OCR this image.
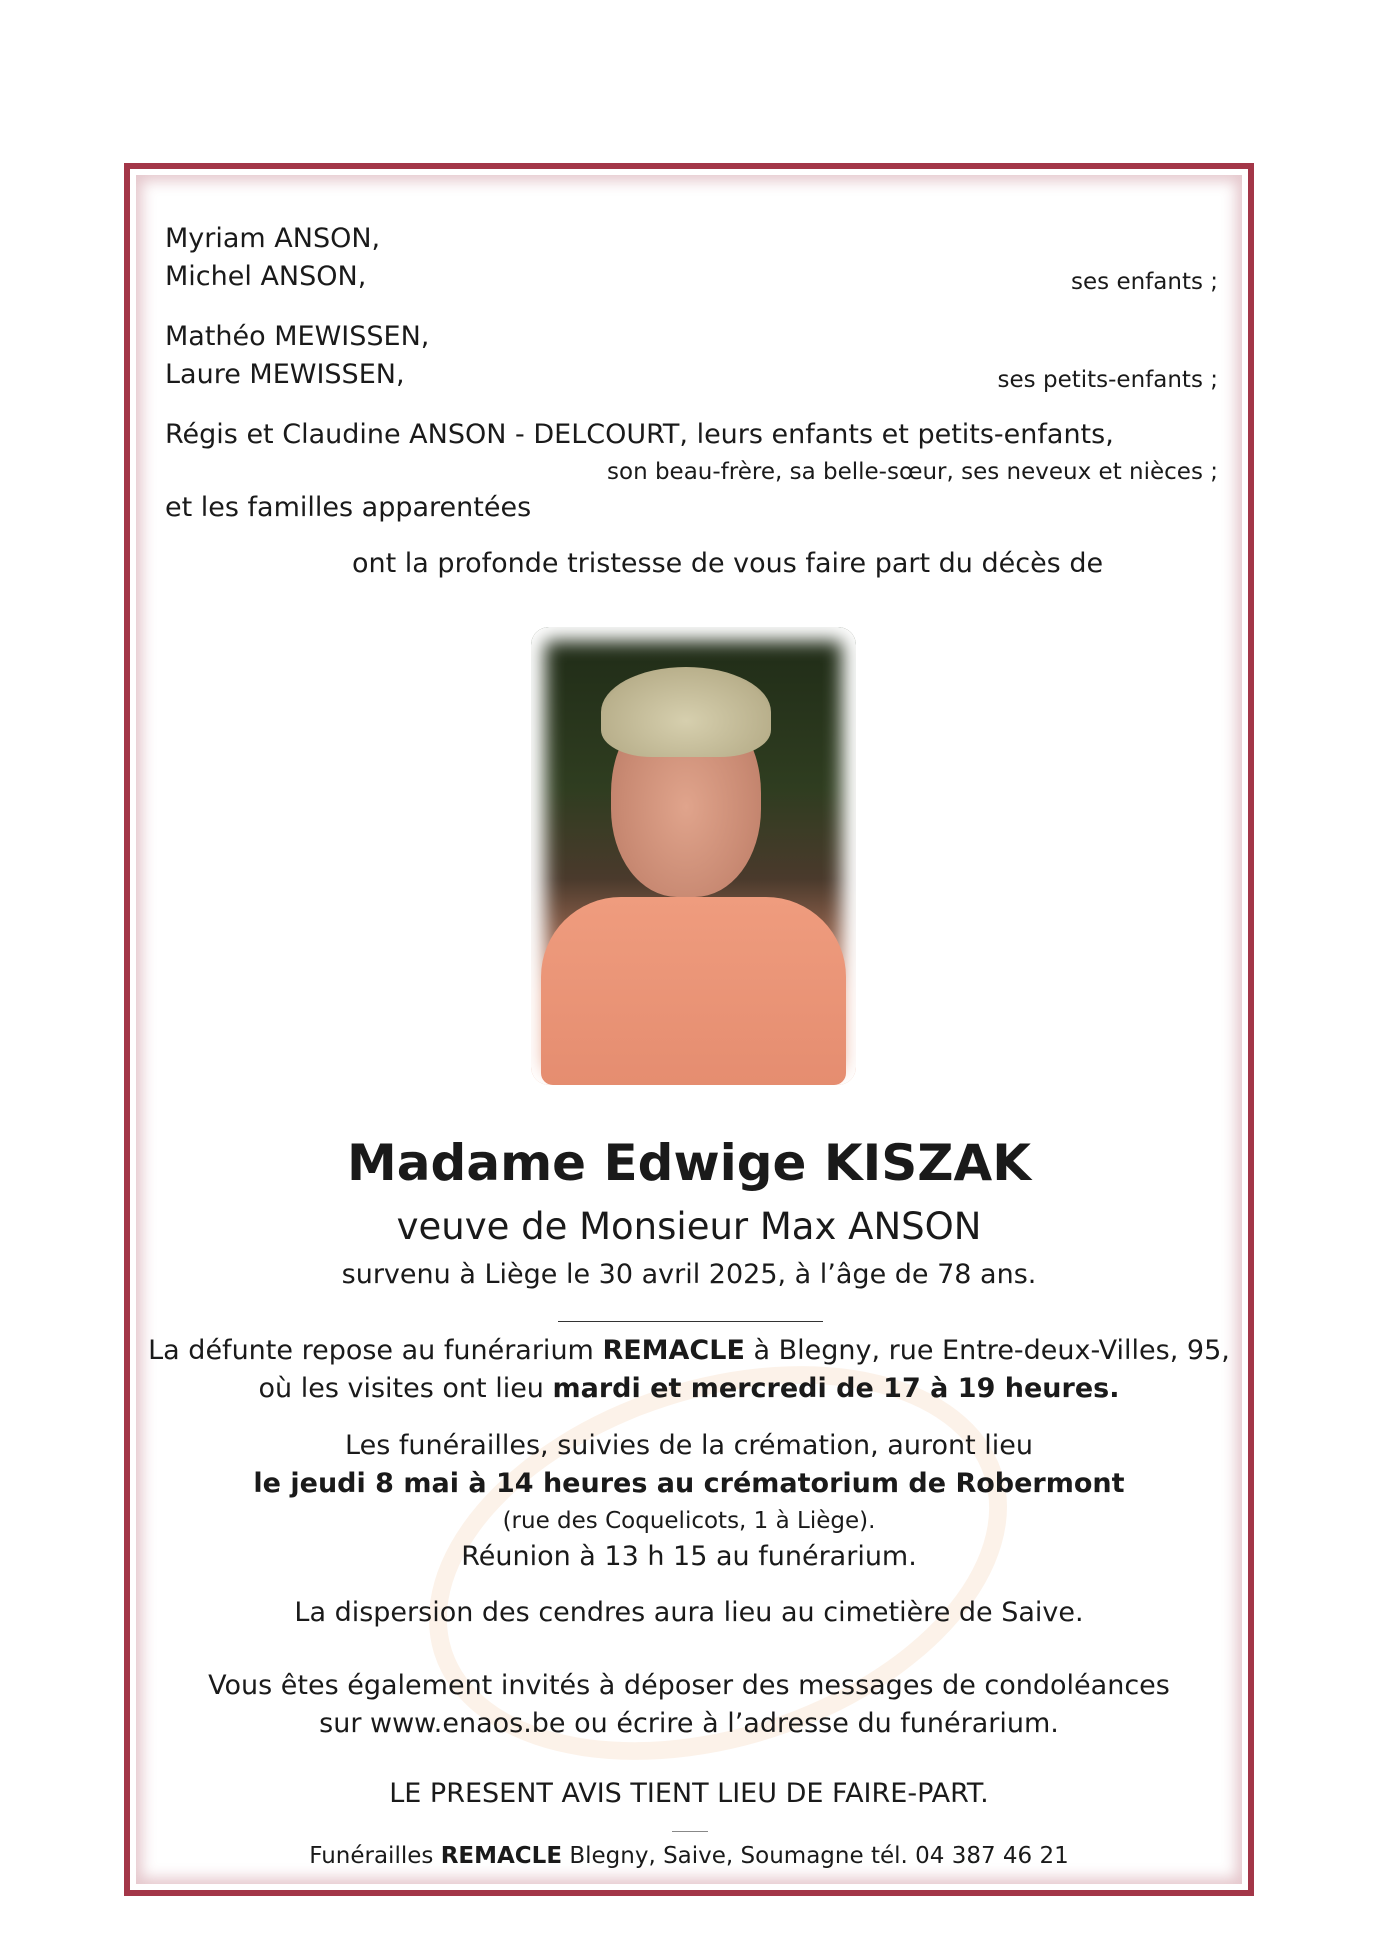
Myriam ANSON,
Michel ANSON,	ses enfants ;
Mathéo MEWISSEN,
Laure MEWISSEN,	ses petits-enfants ;
Régis et Claudine ANSON - DELCOURT, leurs enfants et petits-enfants,
son beau-frère, sa belle-sœur, ses neveux et nièces ;
et les familles apparentées
ont la profonde tristesse de vous faire part du décès de
Madame Edwige KISZAK
veuve de Monsieur Max ANSON
survenu à Liège le 30 avril 2025, à l’âge de 78 ans.
La défunte repose au funérarium REMACLE à Blegny, rue Entre-deux-Villes, 95,
où les visites ont lieu mardi et mercredi de 17 à 19 heures.
Les funérailles, suivies de la crémation, auront lieu
le jeudi 8 mai à 14 heures au crématorium de Robermont
(rue des Coquelicots, 1 à Liège).
Réunion à 13 h 15 au funérarium.
La dispersion des cendres aura lieu au cimetière de Saive.
Vous êtes également invités à déposer des messages de condoléances
sur www.enaos.be ou écrire à l’adresse du funérarium.
LE PRESENT AVIS TIENT LIEU DE FAIRE-PART.
Funérailles REMACLE Blegny, Saive, Soumagne tél. 04 387 46 21
